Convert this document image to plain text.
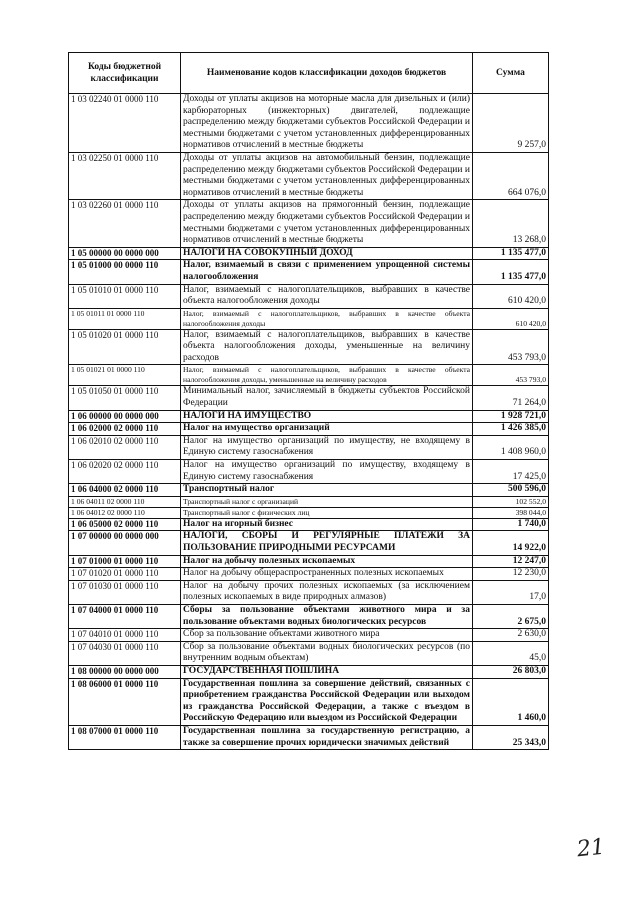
Коды бюджетной классификации	Наименование кодов классификации доходов бюджетов	Сумма
1 03 02240 01 0000 110	Доходы от уплаты акцизов на моторные масла для дизельных и (или) карбюраторных (инжекторных) двигателей, подлежащие распределению между бюджетами субъектов Российской Федерации и местными бюджетами с учетом установленных дифференцированных нормативов отчислений в местные бюджеты	9 257,0
1 03 02250 01 0000 110	Доходы от уплаты акцизов на автомобильный бензин, подлежащие распределению между бюджетами субъектов Российской Федерации и местными бюджетами с учетом установленных дифференцированных нормативов отчислений в местные бюджеты	664 076,0
1 03 02260 01 0000 110	Доходы от уплаты акцизов на прямогонный бензин, подлежащие распределению между бюджетами субъектов Российской Федерации и местными бюджетами с учетом установленных дифференцированных нормативов отчислений в местные бюджеты	13 268,0
1 05 00000 00 0000 000	НАЛОГИ НА СОВОКУПНЫЙ ДОХОД	1 135 477,0
1 05 01000 00 0000 110	Налог, взимаемый в связи с применением упрощенной системы налогообложения	1 135 477,0
1 05 01010 01 0000 110	Налог, взимаемый с налогоплательщиков, выбравших в качестве объекта налогообложения доходы	610 420,0
1 05 01011 01 0000 110	Налог, взимаемый с налогоплательщиков, выбравших в качестве объекта налогообложения доходы	610 420,0
1 05 01020 01 0000 110	Налог, взимаемый с налогоплательщиков, выбравших в качестве объекта налогообложения доходы, уменьшенные на величину расходов	453 793,0
1 05 01021 01 0000 110	Налог, взимаемый с налогоплательщиков, выбравших в качестве объекта налогообложения доходы, уменьшенные на величину расходов	453 793,0
1 05 01050 01 0000 110	Минимальный налог, зачисляемый в бюджеты субъектов Российской Федерации	71 264,0
1 06 00000 00 0000 000	НАЛОГИ НА ИМУЩЕСТВО	1 928 721,0
1 06 02000 02 0000 110	Налог на имущество организаций	1 426 385,0
1 06 02010 02 0000 110	Налог на имущество организаций по имуществу, не входящему в Единую систему газоснабжения	1 408 960,0
1 06 02020 02 0000 110	Налог на имущество организаций по имуществу, входящему в Единую систему газоснабжения	17 425,0
1 06 04000 02 0000 110	Транспортный налог	500 596,0
1 06 04011 02 0000 110	Транспортный налог с организаций	102 552,0
1 06 04012 02 0000 110	Транспортный налог с физических лиц	398 044,0
1 06 05000 02 0000 110	Налог на игорный бизнес	1 740,0
1 07 00000 00 0000 000	НАЛОГИ, СБОРЫ И РЕГУЛЯРНЫЕ ПЛАТЕЖИ ЗА ПОЛЬЗОВАНИЕ ПРИРОДНЫМИ РЕСУРСАМИ	14 922,0
1 07 01000 01 0000 110	Налог на добычу полезных ископаемых	12 247,0
1 07 01020 01 0000 110	Налог на добычу общераспространенных полезных ископаемых	12 230,0
1 07 01030 01 0000 110	Налог на добычу прочих полезных ископаемых (за исключением полезных ископаемых в виде природных алмазов)	17,0
1 07 04000 01 0000 110	Сборы за пользование объектами животного мира и за пользование объектами водных биологических ресурсов	2 675,0
1 07 04010 01 0000 110	Сбор за пользование объектами животного мира	2 630,0
1 07 04030 01 0000 110	Сбор за пользование объектами водных биологических ресурсов (по внутренним водным объектам)	45,0
1 08 00000 00 0000 000	ГОСУДАРСТВЕННАЯ ПОШЛИНА	26 803,0
1 08 06000 01 0000 110	Государственная пошлина за совершение действий, связанных с приобретением гражданства Российской Федерации или выходом из гражданства Российской Федерации, а также с въездом в Российскую Федерацию или выездом из Российской Федерации	1 460,0
1 08 07000 01 0000 110	Государственная пошлина за государственную регистрацию, а также за совершение прочих юридически значимых действий	25 343,0
21
